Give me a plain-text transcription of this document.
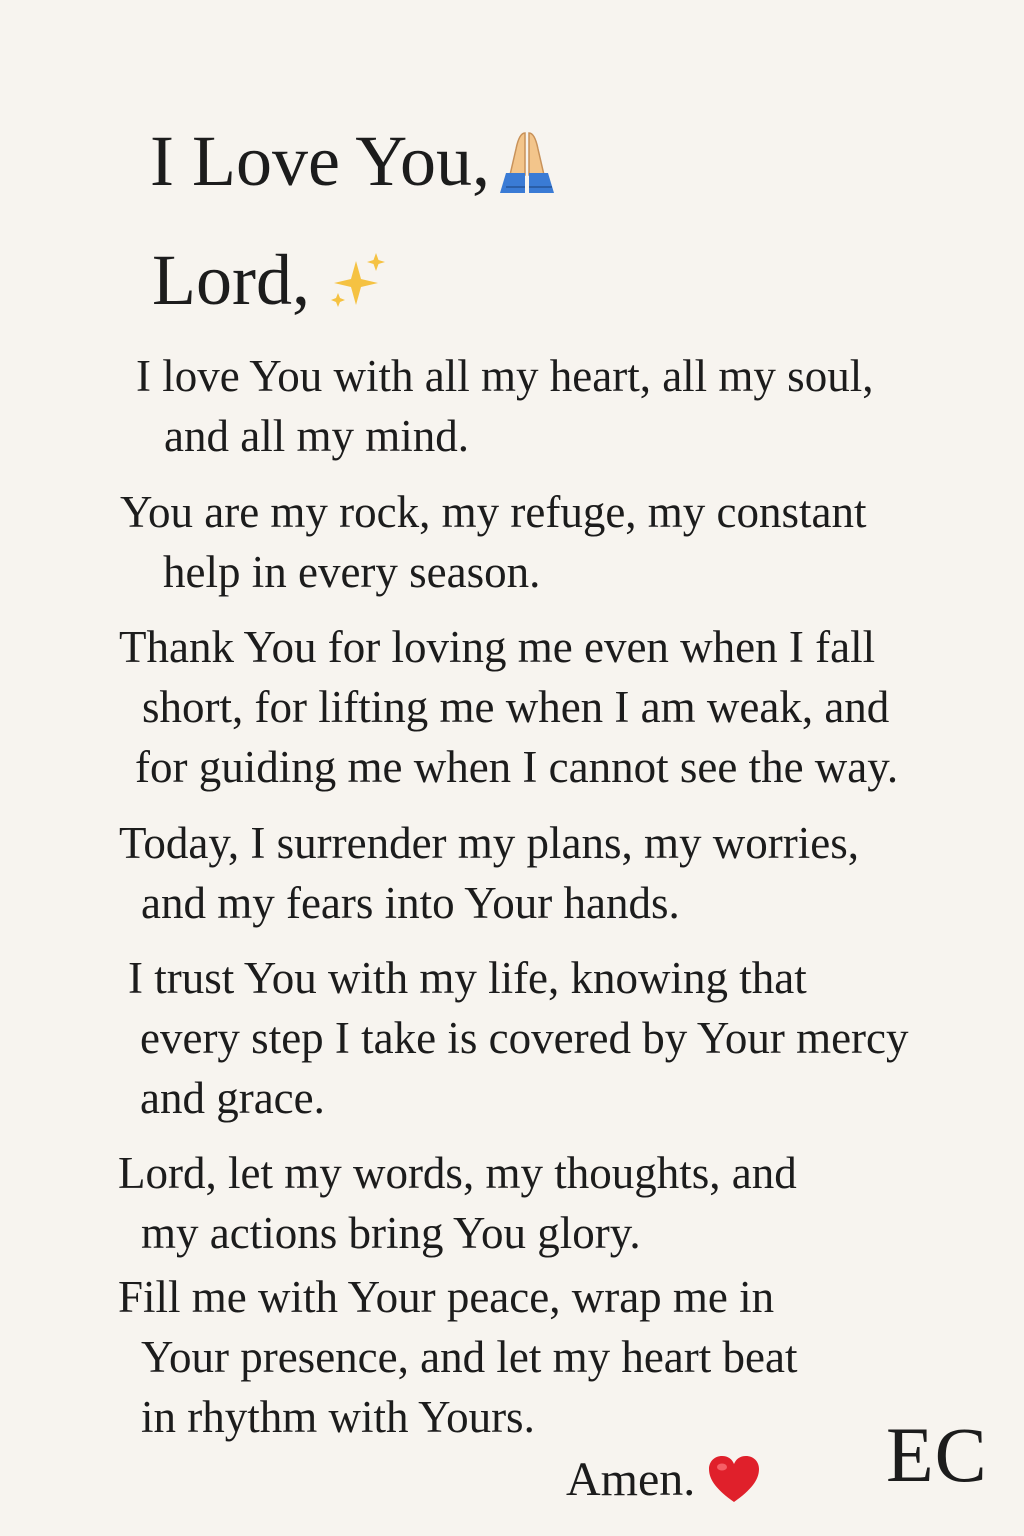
I Love You,
Lord,
I love You with all my heart, all my soul,
and all my mind.
You are my rock, my refuge, my constant
help in every season.
Thank You for loving me even when I fall
short, for lifting me when I am weak, and
for guiding me when I cannot see the way.
Today, I surrender my plans, my worries,
and my fears into Your hands.
I trust You with my life, knowing that
every step I take is covered by Your mercy
and grace.
Lord, let my words, my thoughts, and
my actions bring You glory.
Fill me with Your peace, wrap me in
Your presence, and let my heart beat
in rhythm with Yours.
Amen.	EC
